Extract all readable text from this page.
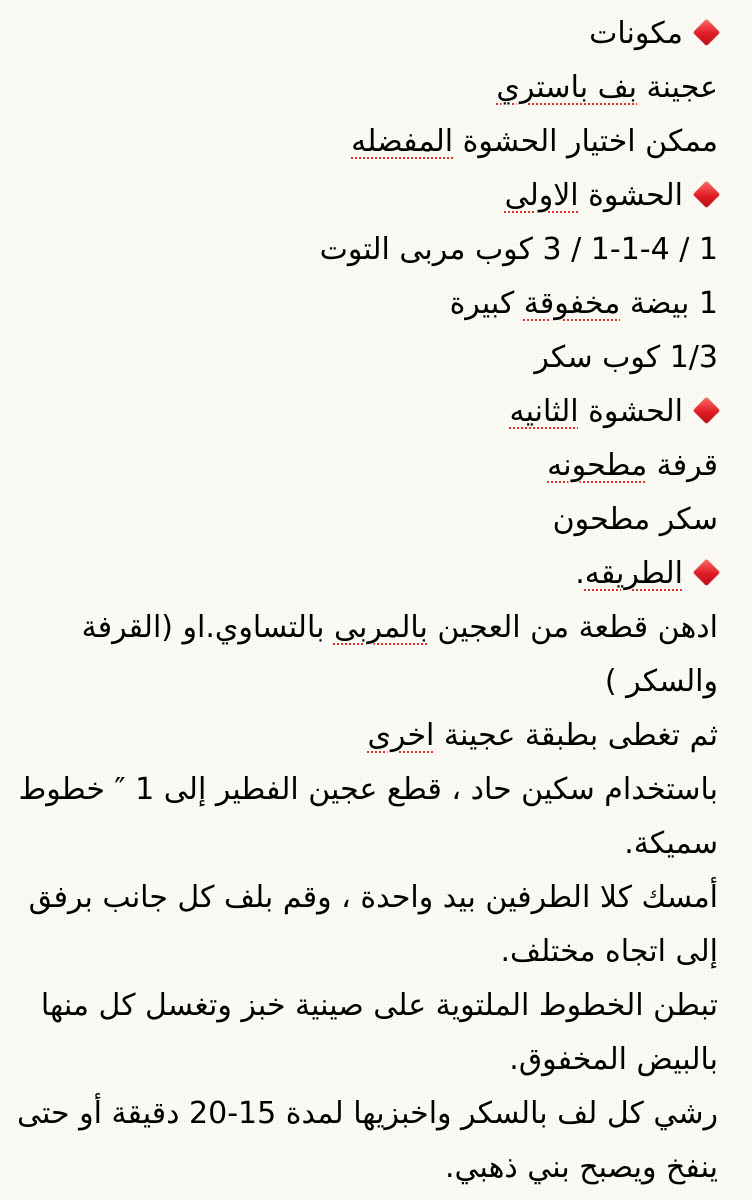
مكونات
عجينة بف باستري
ممكن اختيار الحشوة المفضله
الحشوة الاولى
1 / 1-1-4 / 3 كوب مربى التوت
1 بيضة مخفوقة كبيرة
1/3 كوب سكر
الحشوة الثانيه
قرفة مطحونه
سكر مطحون
الطريقه.
ادهن قطعة من العجين بالمربى بالتساوي.او (القرفة والسكر )
ثم تغطى بطبقة عجينة اخرى
باستخدام سكين حاد ، قطع عجين الفطير إلى 1 ″ خطوط سميكة.
أمسك كلا الطرفين بيد واحدة ، وقم بلف كل جانب برفق إلى اتجاه مختلف.
تبطن الخطوط الملتوية على صينية خبز وتغسل كل منها بالبيض المخفوق.
رشي كل لف بالسكر واخبزيها لمدة 15-20 دقيقة أو حتى ينفخ ويصبح بني ذهبي.
